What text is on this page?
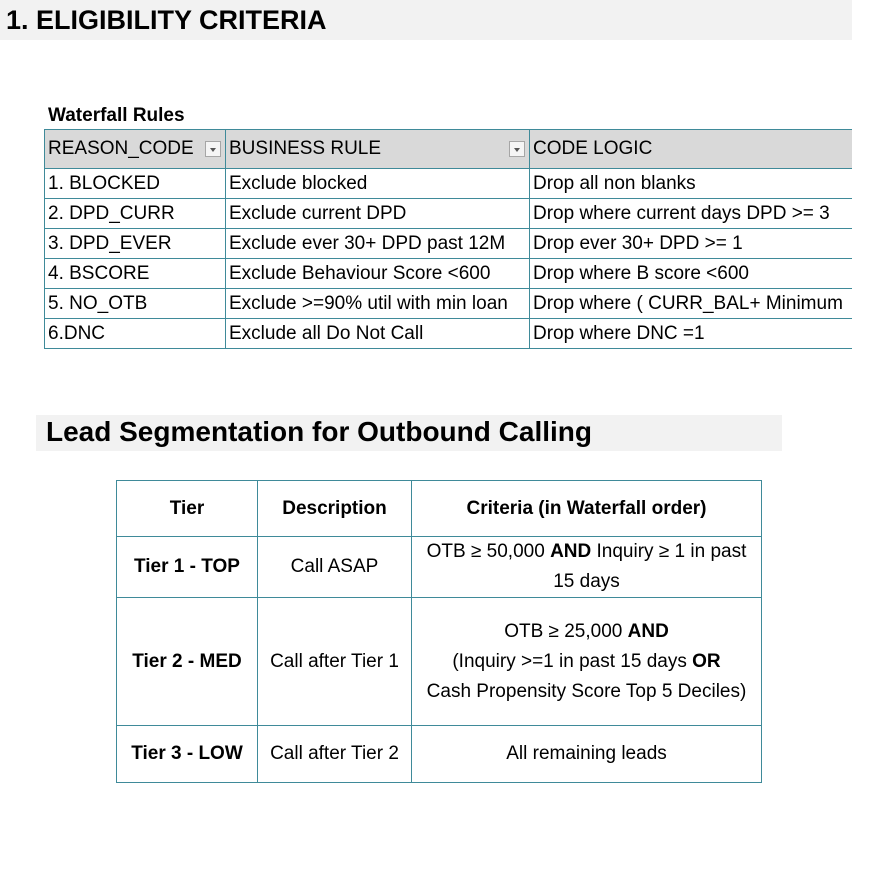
1. ELIGIBILITY CRITERIA
Waterfall Rules
REASON_CODE	BUSINESS RULE	CODE LOGIC
1. BLOCKED	Exclude blocked	Drop all non blanks
2. DPD_CURR	Exclude current DPD	Drop where current days DPD >= 3
3. DPD_EVER	Exclude ever 30+ DPD past 12M	Drop ever 30+ DPD >= 1
4. BSCORE	Exclude Behaviour Score <600	Drop where B score <600
5. NO_OTB	Exclude >=90% util with min loan	Drop where ( CURR_BAL+ Minimum
6.DNC	Exclude all Do Not Call	Drop where DNC =1
Lead Segmentation for Outbound Calling
Tier	Description	Criteria (in Waterfall order)
Tier 1 - TOP	Call ASAP	OTB ≥ 50,000 AND Inquiry ≥ 1 in past 15 days
Tier 2 - MED	Call after Tier 1	OTB ≥ 25,000 AND
(Inquiry >=1 in past 15 days OR
Cash Propensity Score Top 5 Deciles)

Tier 3 - LOW	Call after Tier 2	All remaining leads
